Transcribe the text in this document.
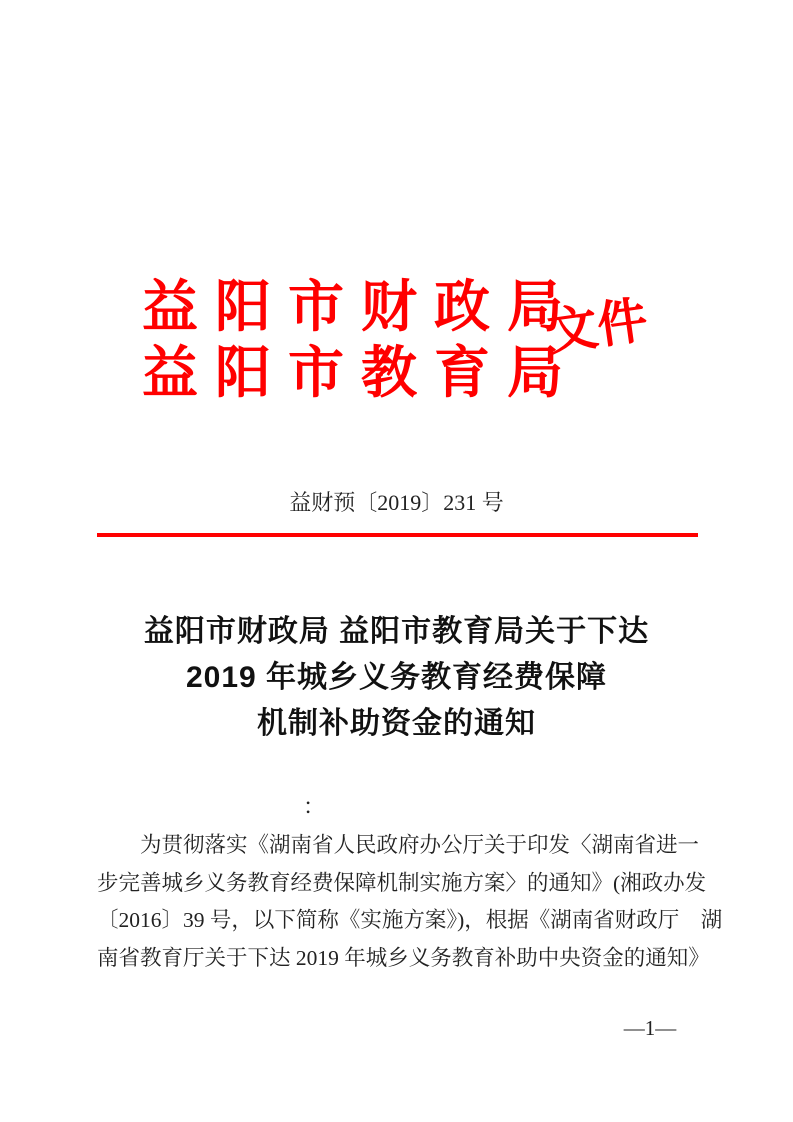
益阳市财政局
益阳市教育局
文件
益财预〔2019〕231 号
益阳市财政局 益阳市教育局关于下达
2019 年城乡义务教育经费保障
机制补助资金的通知
：
为贯彻落实《湖南省人民政府办公厅关于印发〈湖南省进一
步完善城乡义务教育经费保障机制实施方案〉的通知》(湘政办发
〔2016〕39 号，以下简称《实施方案》)，根据《湖南省财政厅　湖
南省教育厅关于下达 2019 年城乡义务教育补助中央资金的通知》
—1—
